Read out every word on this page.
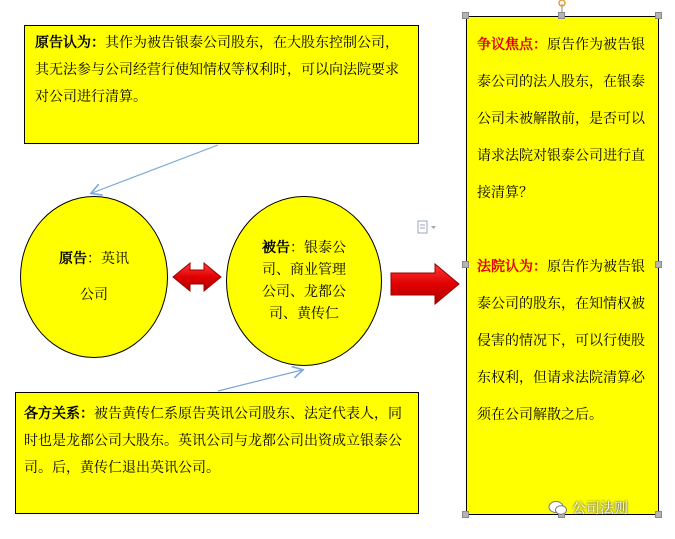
原告认为：其作为被告银泰公司股东，在大股东控制公司，其无法参与公司经营行使知情权等权利时，可以向法院要求对公司进行清算。
原告：英讯
公司
被告：银泰公
司、商业管理
公司、龙都公
司、黄传仁
各方关系：被告黄传仁系原告英讯公司股东、法定代表人，同时也是龙都公司大股东。英讯公司与龙都公司出资成立银泰公司。后，黄传仁退出英讯公司。
争议焦点：原告作为被告银泰公司的法人股东，在银泰公司未被解散前，是否可以请求法院对银泰公司进行直接清算？
法院认为：原告作为被告银泰公司的股东，在知情权被侵害的情况下，可以行使股东权利，但请求法院清算必须在公司解散之后。
公司法则
